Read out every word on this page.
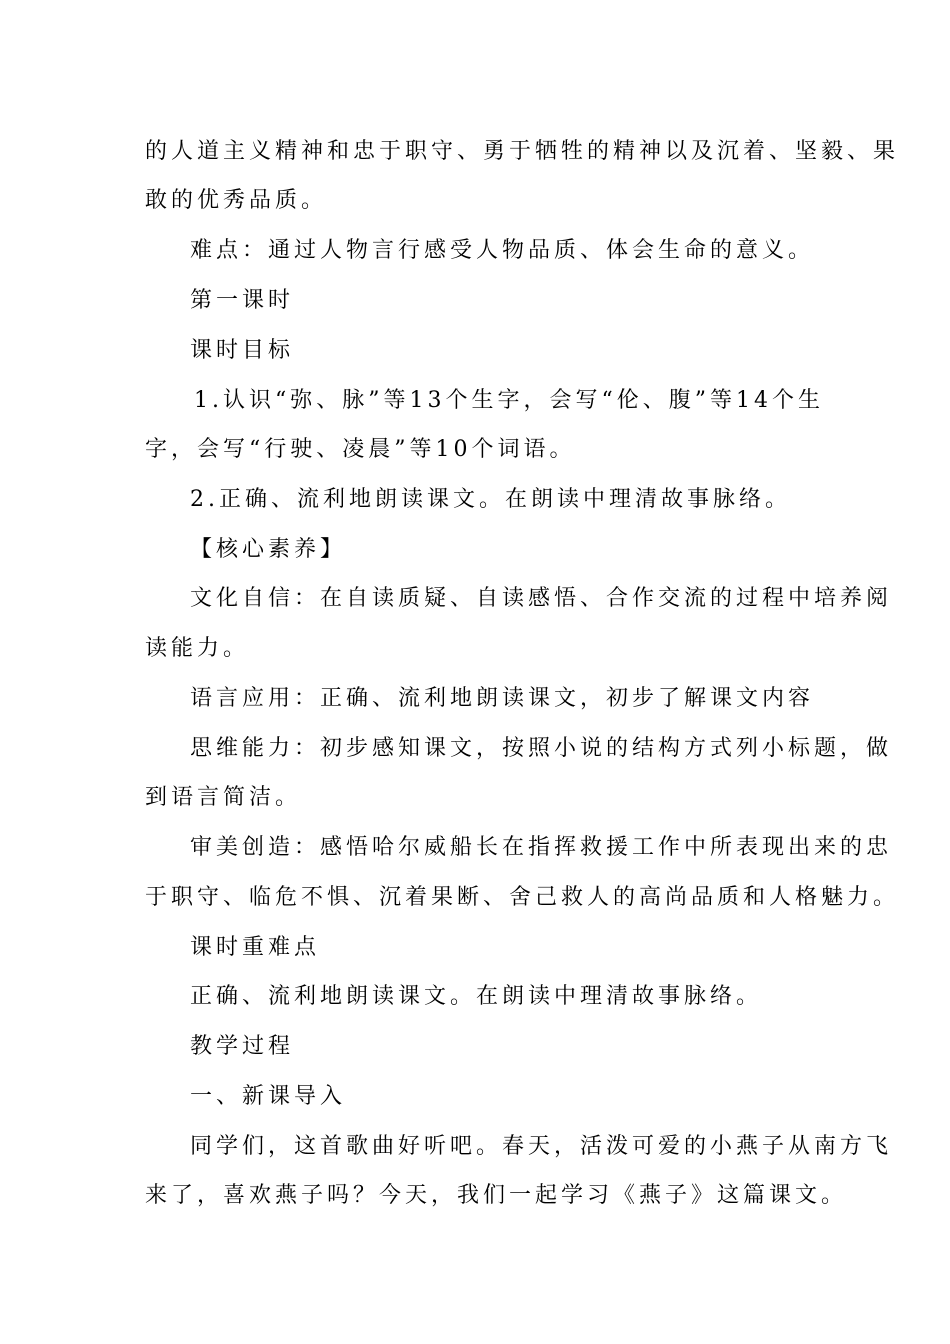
的人道主义精神和忠于职守、勇于牺牲的精神以及沉着、坚毅、果
敢的优秀品质。
难点：通过人物言行感受人物品质、体会生命的意义。
第一课时
课时目标
1.认识“弥、脉”等13个生字，会写“伦、腹”等14个生
字，会写“行驶、凌晨”等10个词语。
2.正确、流利地朗读课文。在朗读中理清故事脉络。
【核心素养】
文化自信：在自读质疑、自读感悟、合作交流的过程中培养阅
读能力。
语言应用：正确、流利地朗读课文，初步了解课文内容
思维能力：初步感知课文，按照小说的结构方式列小标题，做
到语言简洁。
审美创造：感悟哈尔威船长在指挥救援工作中所表现出来的忠
于职守、临危不惧、沉着果断、舍己救人的高尚品质和人格魅力。
课时重难点
正确、流利地朗读课文。在朗读中理清故事脉络。
教学过程
一、新课导入
同学们，这首歌曲好听吧。春天，活泼可爱的小燕子从南方飞
来了，喜欢燕子吗？今天，我们一起学习《燕子》这篇课文。
